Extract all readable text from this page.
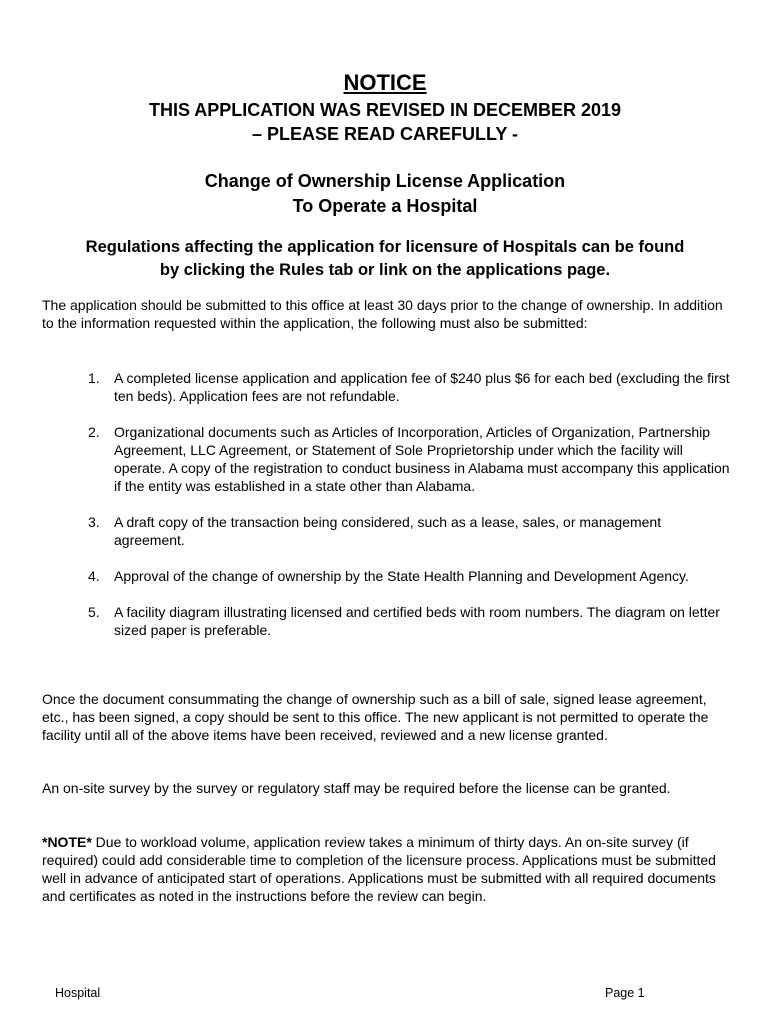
NOTICE
THIS APPLICATION WAS REVISED IN DECEMBER 2019
– PLEASE READ CAREFULLY -
Change of Ownership License Application
To Operate a Hospital
Regulations affecting the application for licensure of Hospitals can be found
by clicking the Rules tab or link on the applications page.
The application should be submitted to this office at least 30 days prior to the change of ownership. In addition to the information requested within the application, the following must also be submitted:
1. A completed license application and application fee of $240 plus $6 for each bed (excluding the first ten beds). Application fees are not refundable.
2. Organizational documents such as Articles of Incorporation, Articles of Organization, Partnership Agreement, LLC Agreement, or Statement of Sole Proprietorship under which the facility will operate. A copy of the registration to conduct business in Alabama must accompany this application if the entity was established in a state other than Alabama.
3. A draft copy of the transaction being considered, such as a lease, sales, or management agreement.
4. Approval of the change of ownership by the State Health Planning and Development Agency.
5. A facility diagram illustrating licensed and certified beds with room numbers. The diagram on letter sized paper is preferable.
Once the document consummating the change of ownership such as a bill of sale, signed lease agreement, etc., has been signed, a copy should be sent to this office. The new applicant is not permitted to operate the facility until all of the above items have been received, reviewed and a new license granted.
An on-site survey by the survey or regulatory staff may be required before the license can be granted.
*NOTE* Due to workload volume, application review takes a minimum of thirty days. An on-site survey (if required) could add considerable time to completion of the licensure process. Applications must be submitted well in advance of anticipated start of operations. Applications must be submitted with all required documents and certificates as noted in the instructions before the review can begin.
Hospital	Page 1
